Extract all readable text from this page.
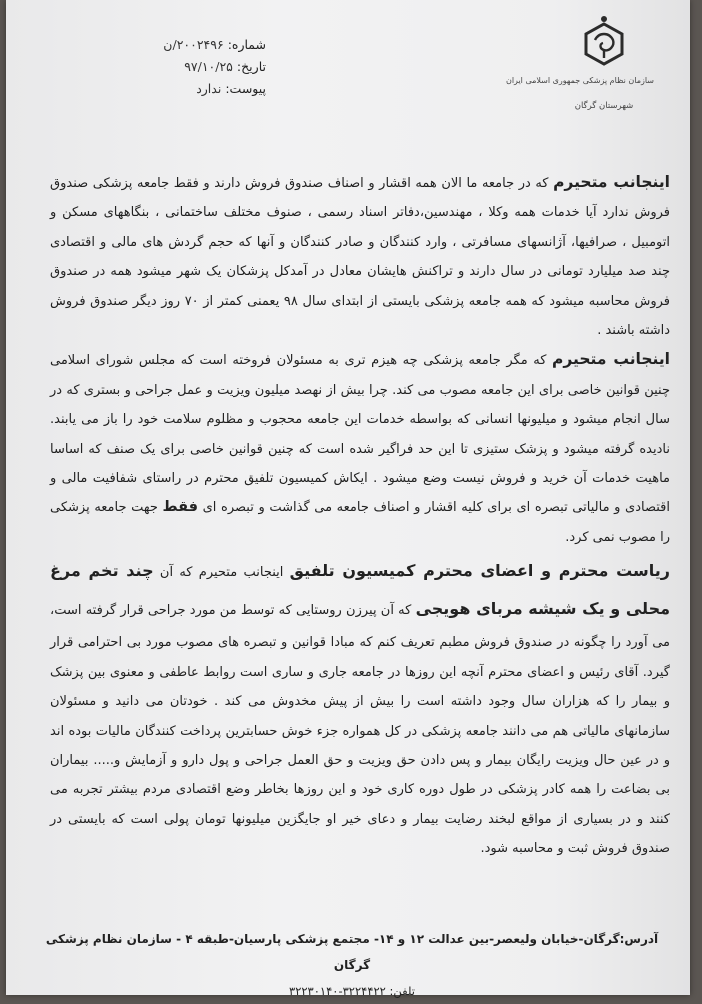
سازمان نظام پزشکی جمهوری اسلامی ایران
شهرستان گرگان
شماره:
۲۰۰۲۴۹۶/ن
تاریخ:
۹۷/۱۰/۲۵
پیوست:
ندارد

اینجانب متحیرم که در جامعه ما الان همه اقشار و اصناف صندوق فروش دارند و فقط جامعه پزشکی صندوق فروش ندارد آیا خدمات همه وکلا ، مهندسین،دفاتر اسناد رسمی ، صنوف مختلف ساختمانی ، بنگاههای مسکن و اتومبیل ، صرافیها، آژانسهای مسافرتی ، وارد کنندگان و صادر کنندگان و آنها که حجم گردش های مالی و اقتصادی چند صد میلیارد تومانی در سال دارند و تراکنش هایشان معادل در آمدکل پزشکان یک شهر میشود همه در صندوق فروش محاسبه میشود که همه جامعه پزشکی بایستی از ابتدای سال ۹۸ یعمنی کمتر از ۷۰ روز دیگر صندوق فروش داشته باشند .

اینجانب متحیرم که مگر جامعه پزشکی چه هیزم تری به مسئولان فروخته است که مجلس شورای اسلامی چنین قوانین خاصی برای این جامعه مصوب می کند. چرا بیش از نهصد میلیون ویزیت و عمل جراحی و بستری که در سال انجام میشود و میلیونها انسانی که بواسطه خدمات این جامعه محجوب و مظلوم سلامت خود را باز می یابند. نادیده گرفته میشود و پزشک ستیزی تا این حد فراگیر شده است که چنین قوانین خاصی برای یک صنف که اساسا ماهیت خدمات آن خرید و فروش نیست وضع میشود . ایکاش کمیسیون تلفیق محترم در راستای شفافیت مالی و اقتصادی و مالیاتی تبصره ای برای کلیه اقشار و اصناف جامعه می گذاشت و تبصره ای فقط جهت جامعه پزشکی را مصوب نمی کرد.

ریاست محترم و اعضای محترم کمیسیون تلفیق اینجانب متحیرم که آن چند تخم مرغ محلی و یک شیشه مربای هویجی که آن پیرزن روستایی که توسط من مورد جراحی قرار گرفته است، می آورد را چگونه در صندوق فروش مطبم تعریف کنم که مبادا قوانین و تبصره های مصوب مورد بی احترامی قرار گیرد. آقای رئیس و اعضای محترم آنچه این روزها در جامعه جاری و ساری است روابط عاطفی و معنوی بین پزشک و بیمار را که هزاران سال وجود داشته است را بیش از پیش مخدوش می کند . خودتان می دانید و مسئولان سازمانهای مالیاتی هم می دانند جامعه پزشکی در کل همواره جزء خوش حسابترین پرداخت کنندگان مالیات بوده اند و در عین حال ویزیت رایگان بیمار و پس دادن حق ویزیت و حق العمل جراحی و پول دارو و آزمایش و..... بیماران بی بضاعت را همه کادر پزشکی در طول دوره کاری خود و این روزها بخاطر وضع اقتصادی مردم بیشتر تجربه می کنند و در بسیاری از مواقع لبخند رضایت بیمار و دعای خیر او جایگزین میلیونها تومان پولی است که بایستی در صندوق فروش ثبت و محاسبه شود.

آدرس:گرگان-خیابان ولیعصر-بین عدالت ۱۲ و ۱۴- مجتمع پزشکی پارسیان-طبقه ۴ - سازمان نظام پزشکی گرگان
تلفن: ۳۲۲۴۴۲۲-۳۲۲۳۰۱۴۰
